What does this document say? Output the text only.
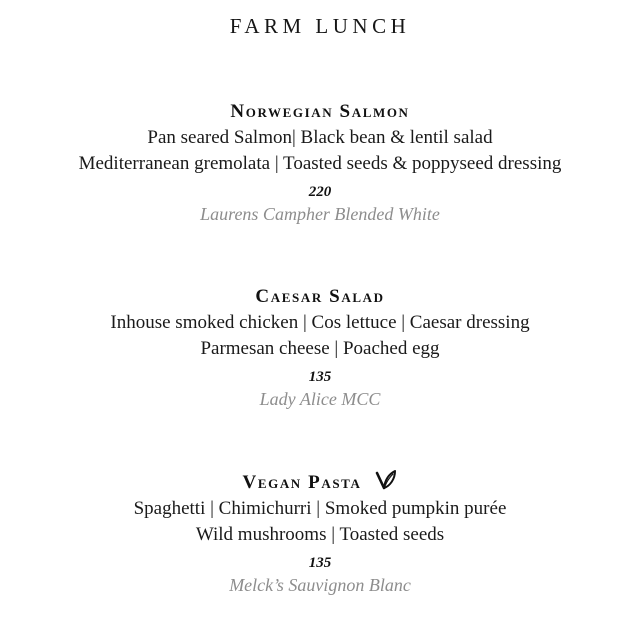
FARM LUNCH
Norwegian Salmon
Pan seared Salmon| Black bean & lentil salad
Mediterranean gremolata | Toasted seeds & poppyseed dressing
220
Laurens Campher Blended White
Caesar Salad
Inhouse smoked chicken | Cos lettuce | Caesar dressing
Parmesan cheese | Poached egg
135
Lady Alice MCC
Vegan Pasta
Spaghetti | Chimichurri | Smoked pumpkin purée
Wild mushrooms | Toasted seeds
135
Melck’s Sauvignon Blanc
